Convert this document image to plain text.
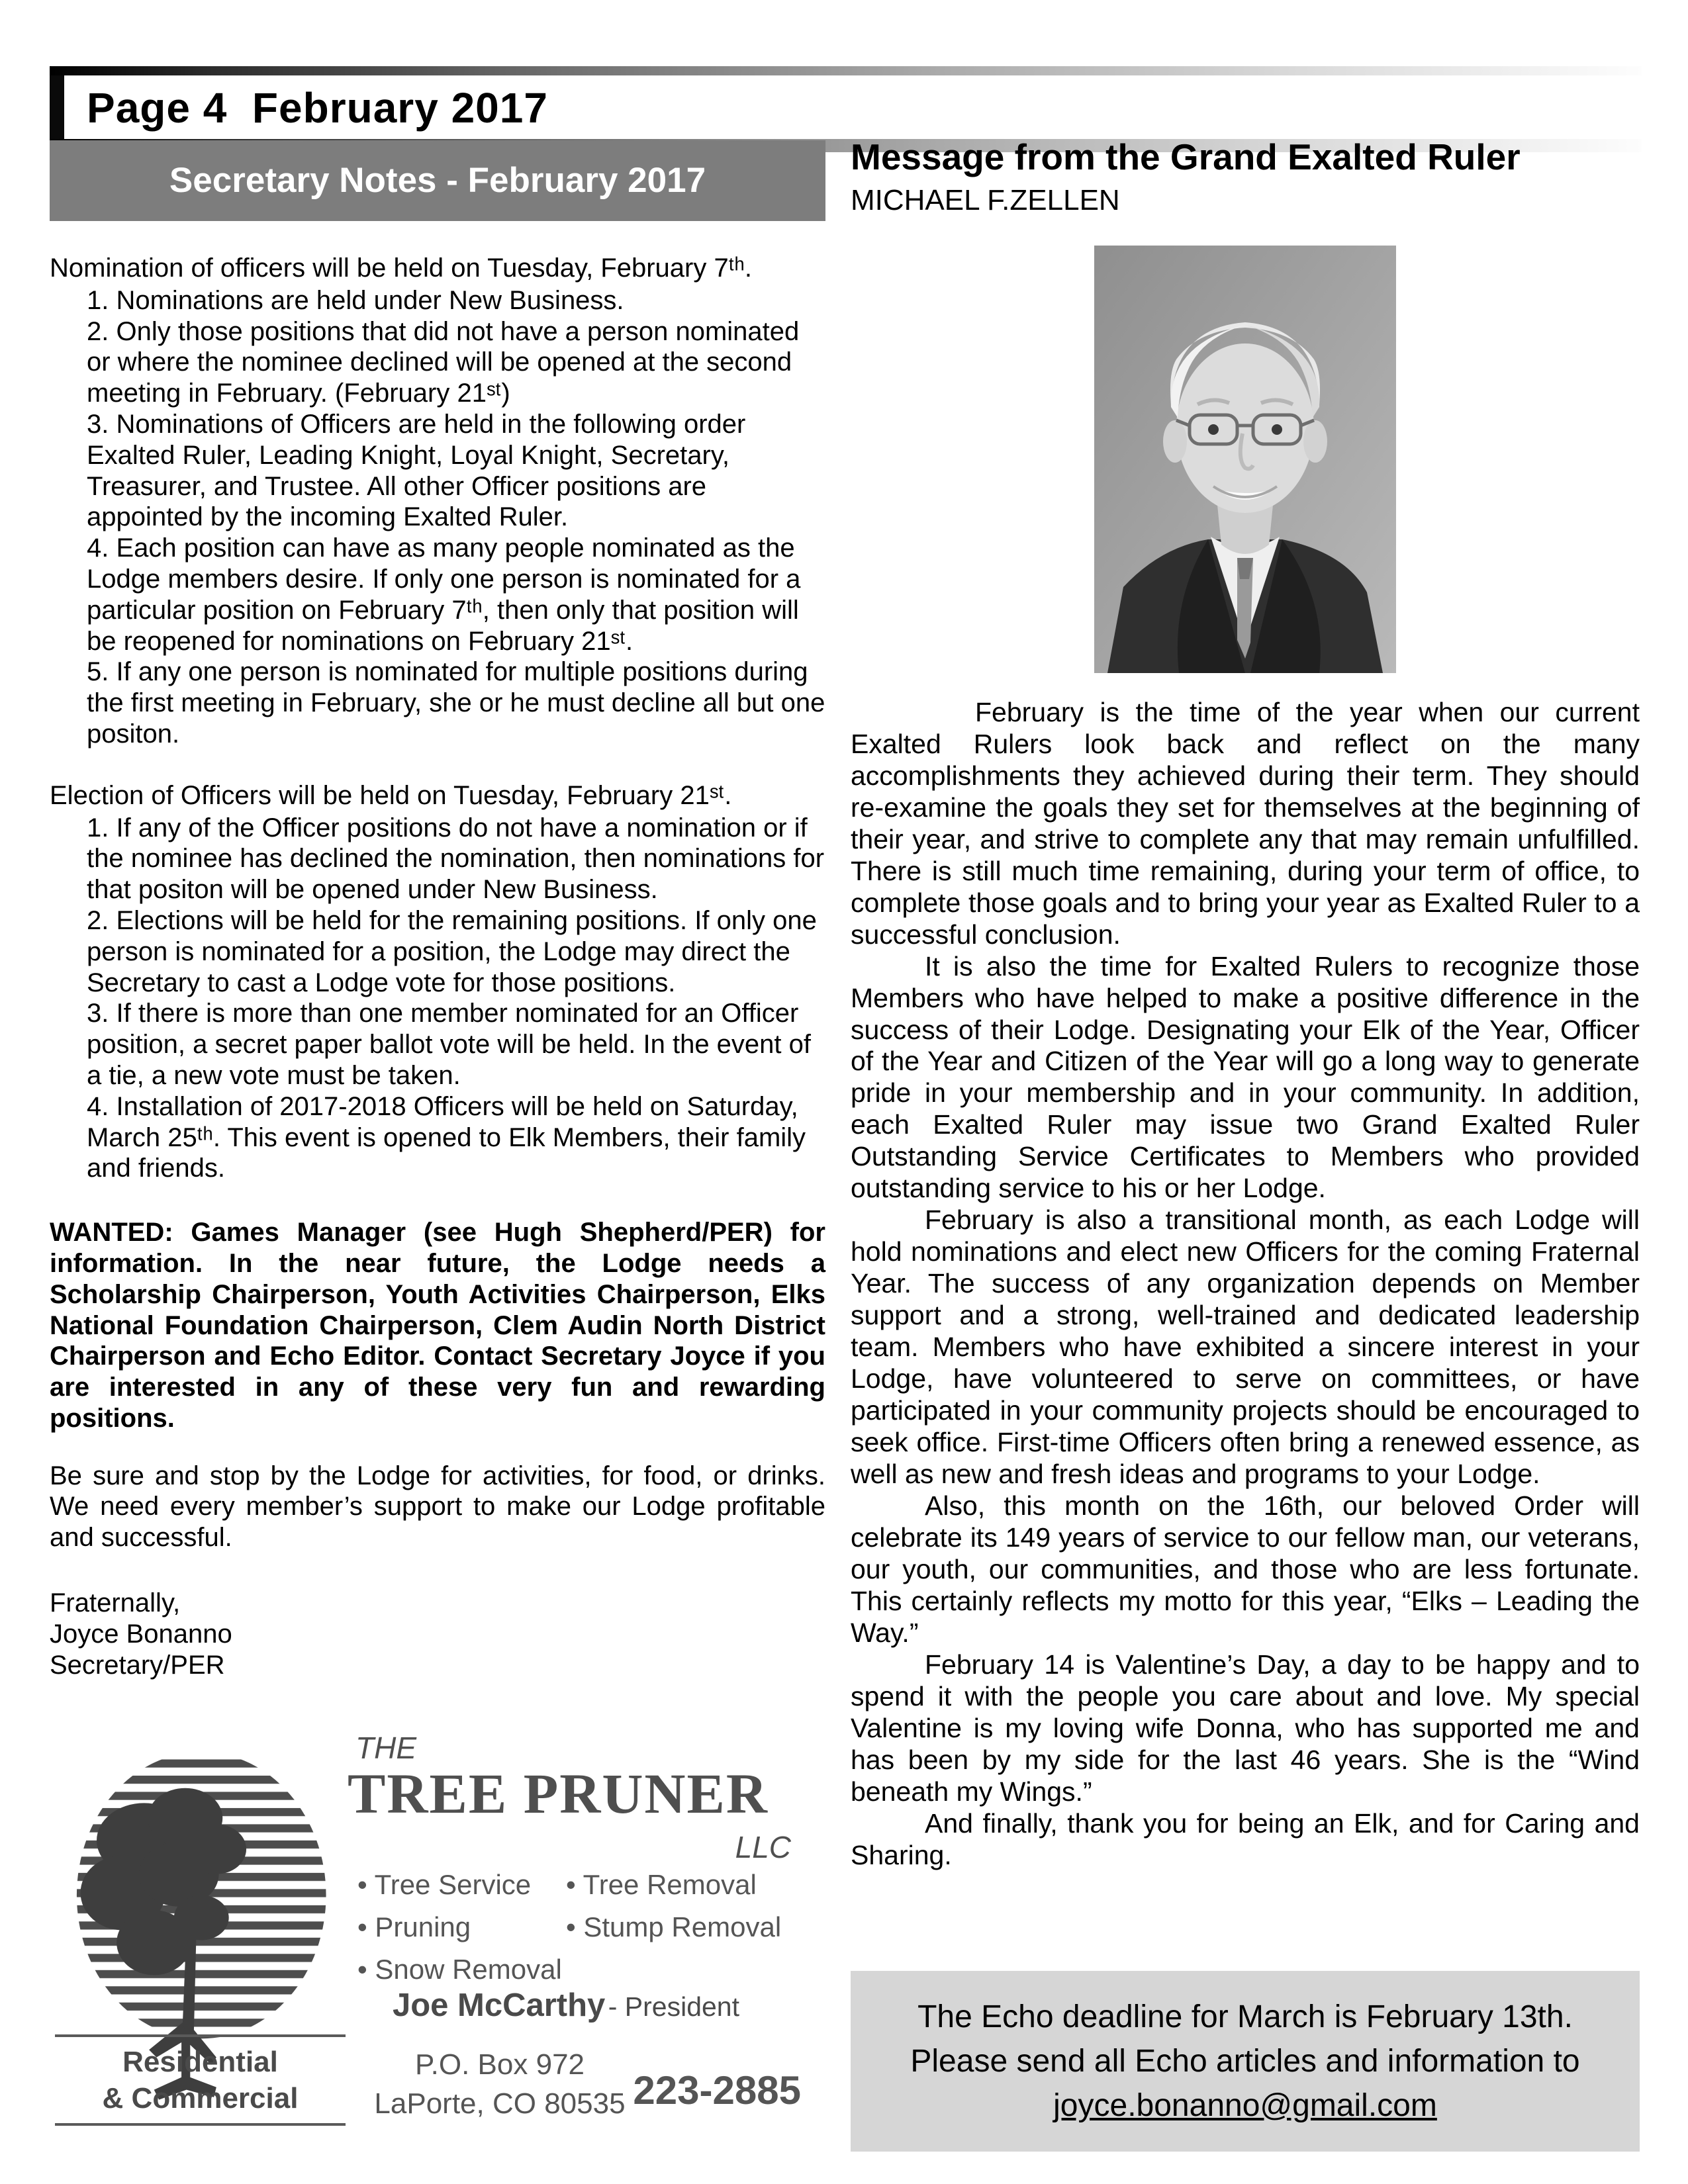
Page 4  February 2017
Secretary Notes - February 2017

Nomination of officers will be held on Tuesday, February 7ᵗʰ.

1. Nominations are held under New Business.
2. Only those positions that did not have a person nominated or where the nominee declined will be opened at the second meeting in February. (February 21ˢᵗ)
3. Nominations of Officers are held in the following order Exalted Ruler, Leading Knight, Loyal Knight, Secretary, Treasurer, and Trustee. All other Officer positions are appointed by the incoming Exalted Ruler.
4. Each position can have as many people nominated as the Lodge members desire. If only one person is nominated for a particular position on February 7ᵗʰ, then only that position will be reopened for nominations on February 21ˢᵗ.
5. If any one person is nominated for multiple positions during the first meeting in February, she or he must decline all but one positon.

Election of Officers will be held on Tuesday, February 21ˢᵗ.

1. If any of the Officer positions do not have a nomination or if the nominee has declined the nomination, then nominations for that positon will be opened under New Business.
2. Elections will be held for the remaining positions. If only one person is nominated for a position, the Lodge may direct the Secretary to cast a Lodge vote for those positions.
3. If there is more than one member nominated for an Officer position, a secret paper ballot vote will be held. In the event of a tie, a new vote must be taken.
4. Installation of 2017-2018 Officers will be held on Saturday, March 25ᵗʰ. This event is opened to Elk Members, their family and friends.

WANTED: Games Manager (see Hugh Shepherd/PER) for information. In the near future, the Lodge needs a Scholarship Chairperson, Youth Activities Chairperson, Elks National Foundation Chairperson, Clem Audin North District Chairperson and Echo Editor. Contact Secretary Joyce if you are interested in any of these very fun and rewarding positions.

Be sure and stop by the Lodge for activities, for food, or drinks. We need every member’s support to make our Lodge profitable and successful.

Fraternally,
Joyce Bonanno
Secretary/PER
THE
TREE PRUNER
LLC
• Tree Service	• Tree Removal
• Pruning	• Stump Removal
• Snow Removal
Joe McCarthy - President
Residential
& Commercial
P.O. Box 972
LaPorte, CO 80535 223-2885
Message from the Grand Exalted Ruler
MICHAEL F.ZELLEN

February is the time of the year when our current Exalted Rulers look back and reflect on the many accomplishments they achieved during their term. They should re-examine the goals they set for themselves at the beginning of their year, and strive to complete any that may remain unfulfilled. There is still much time remaining, during your term of office, to complete those goals and to bring your year as Exalted Ruler to a successful conclusion.

It is also the time for Exalted Rulers to recognize those Members who have helped to make a positive difference in the success of their Lodge. Designating your Elk of the Year, Officer of the Year and Citizen of the Year will go a long way to generate pride in your membership and in your community. In addition, each Exalted Ruler may issue two Grand Exalted Ruler Outstanding Service Certificates to Members who provided outstanding service to his or her Lodge.

February is also a transitional month, as each Lodge will hold nominations and elect new Officers for the coming Fraternal Year. The success of any organization depends on Member support and a strong, well-trained and dedicated leadership team. Members who have exhibited a sincere interest in your Lodge, have volunteered to serve on committees, or have participated in your community projects should be encouraged to seek office. First-time Officers often bring a renewed essence, as well as new and fresh ideas and programs to your Lodge.

Also, this month on the 16th, our beloved Order will celebrate its 149 years of service to our fellow man, our veterans, our youth, our communities, and those who are less fortunate. This certainly reflects my motto for this year, “Elks – Leading the Way.”

February 14 is Valentine’s Day, a day to be happy and to spend it with the people you care about and love. My special Valentine is my loving wife Donna, who has supported me and has been by my side for the last 46 years. She is the “Wind beneath my Wings.”

And finally, thank you for being an Elk, and for Caring and Sharing.

The Echo deadline for March is February 13th.
Please send all Echo articles and information to
joyce.bonanno@gmail.com
